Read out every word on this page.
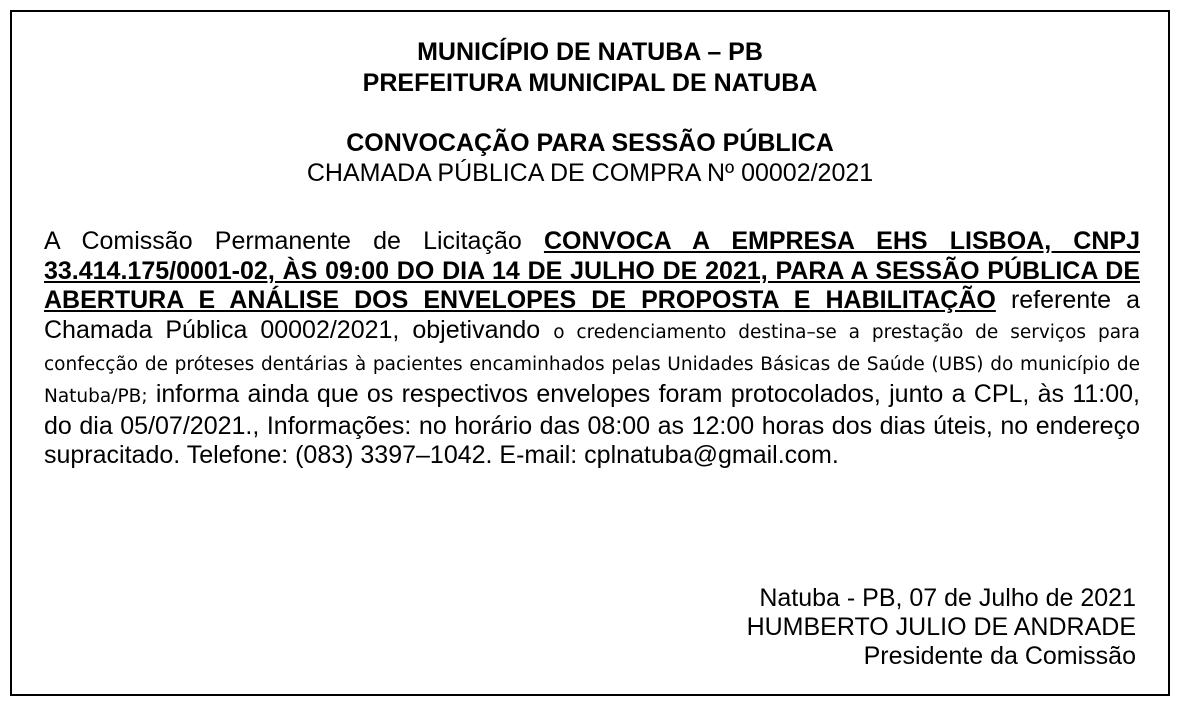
MUNICÍPIO DE NATUBA – PB
PREFEITURA MUNICIPAL DE NATUBA
CONVOCAÇÃO PARA SESSÃO PÚBLICA
CHAMADA PÚBLICA DE COMPRA Nº 00002/2021
A Comissão Permanente de Licitação CONVOCA A EMPRESA EHS LISBOA, CNPJ 33.414.175/0001-02, ÀS 09:00 DO DIA 14 DE JULHO DE 2021, PARA A SESSÃO PÚBLICA DE ABERTURA E ANÁLISE DOS ENVELOPES DE PROPOSTA E HABILITAÇÃO referente a Chamada Pública 00002/2021, objetivando o credenciamento destina–se a prestação de serviços para confecção de próteses dentárias à pacientes encaminhados pelas Unidades Básicas de Saúde (UBS) do município de Natuba/PB; informa ainda que os respectivos envelopes foram protocolados, junto a CPL, às 11:00, do dia 05/07/2021., Informações: no horário das 08:00 as 12:00 horas dos dias úteis, no endereço supracitado. Telefone: (083) 3397–1042. E-mail: cplnatuba@gmail.com.
Natuba - PB, 07 de Julho de 2021
HUMBERTO JULIO DE ANDRADE
Presidente da Comissão
